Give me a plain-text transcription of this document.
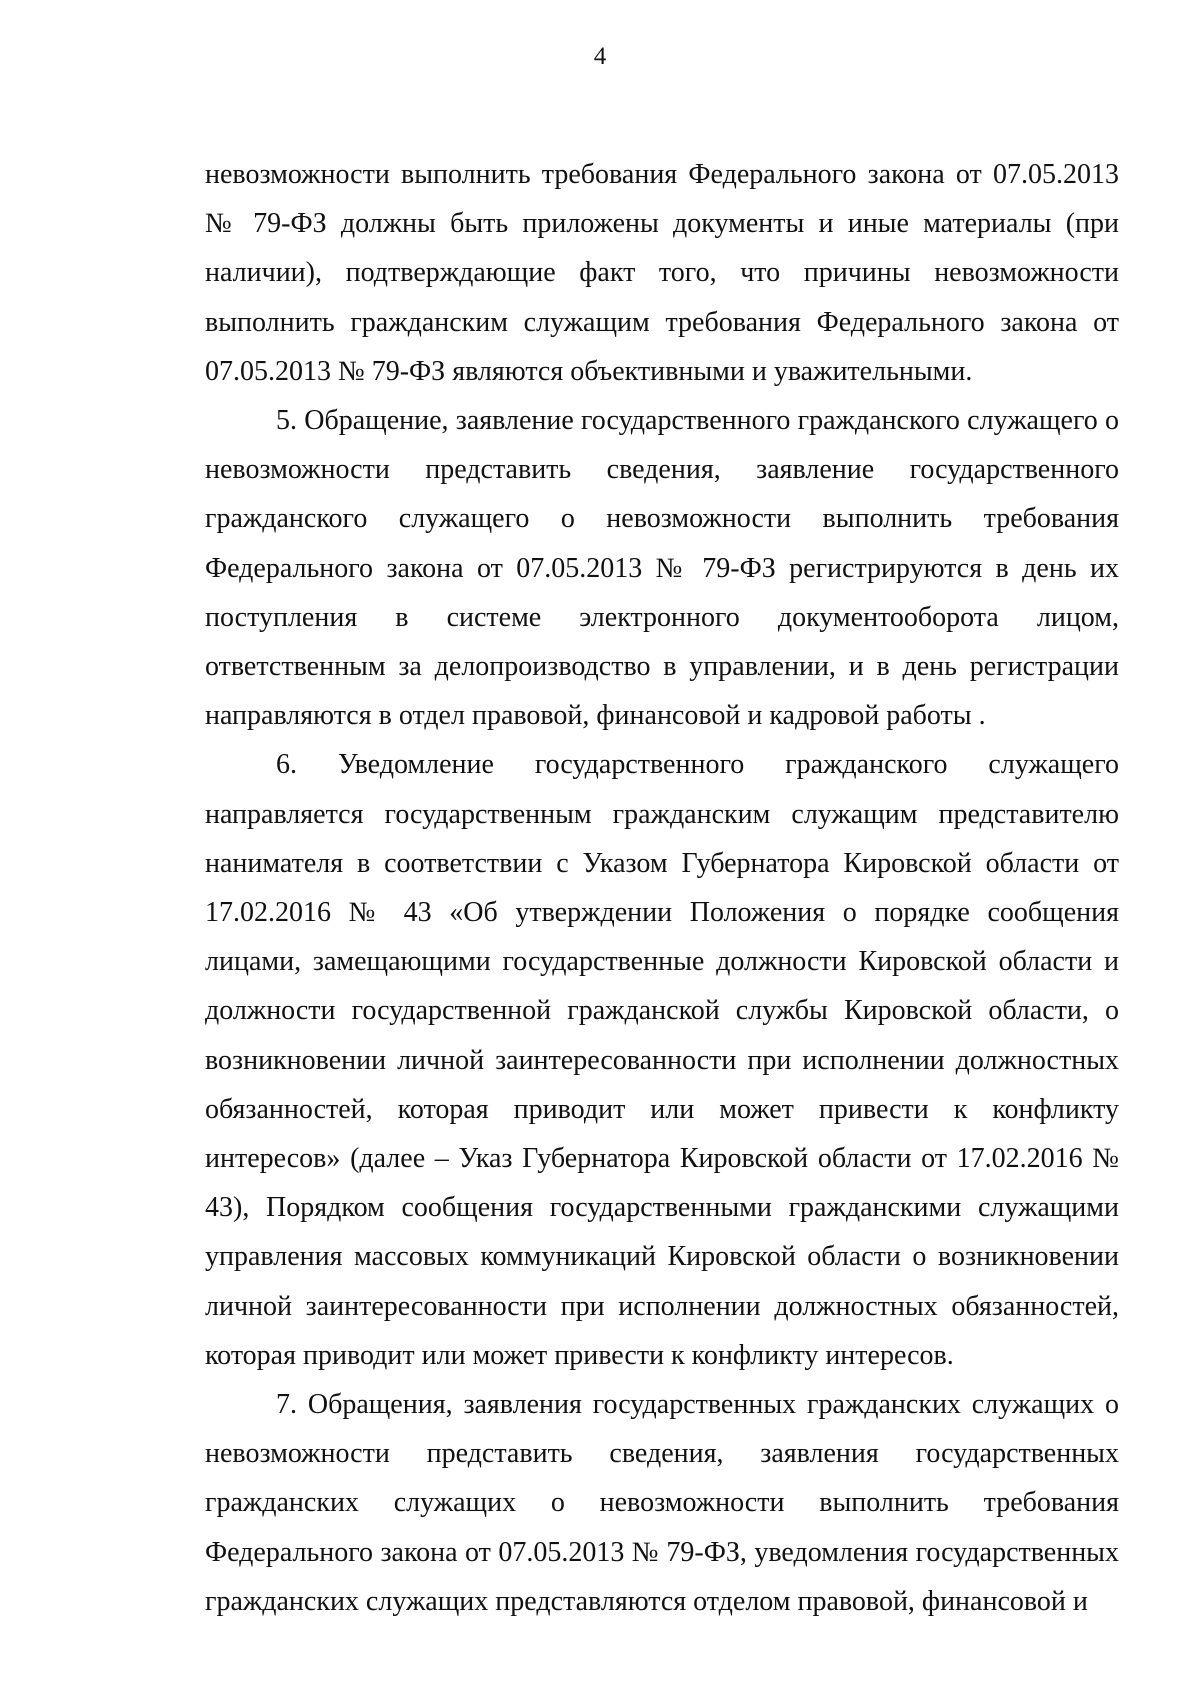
4

невозможности выполнить требования Федерального закона от 07.05.2013 № 79-ФЗ должны быть приложены документы и иные материалы (при наличии), подтверждающие факт того, что причины невозможности выполнить гражданским служащим требования Федерального закона от 07.05.2013 № 79-ФЗ являются объективными и уважительными.

5. Обращение, заявление государственного гражданского служащего о невозможности представить сведения, заявление государственного гражданского служащего о невозможности выполнить требования Федерального закона от 07.05.2013 № 79-ФЗ регистрируются в день их поступления в системе электронного документооборота лицом, ответственным за делопроизводство в управлении, и в день регистрации направляются в отдел правовой, финансовой и кадровой работы .

6. Уведомление государственного гражданского служащего направляется государственным гражданским служащим представителю нанимателя в соответствии с Указом Губернатора Кировской области от 17.02.2016 № 43 «Об утверждении Положения о порядке сообщения лицами, замещающими государственные должности Кировской области и должности государственной гражданской службы Кировской области, о возникновении личной заинтересованности при исполнении должностных обязанностей, которая приводит или может привести к конфликту интересов» (далее – Указ Губернатора Кировской области от 17.02.2016 № 43), Порядком сообщения государственными гражданскими служащими управления массовых коммуникаций Кировской области о возникновении личной заинтересованности при исполнении должностных обязанностей, которая приводит или может привести к конфликту интересов.

7. Обращения, заявления государственных гражданских служащих о невозможности представить сведения, заявления государственных гражданских служащих о невозможности выполнить требования Федерального закона от 07.05.2013 № 79-ФЗ, уведомления государственных гражданских служащих представляются отделом правовой, финансовой и
